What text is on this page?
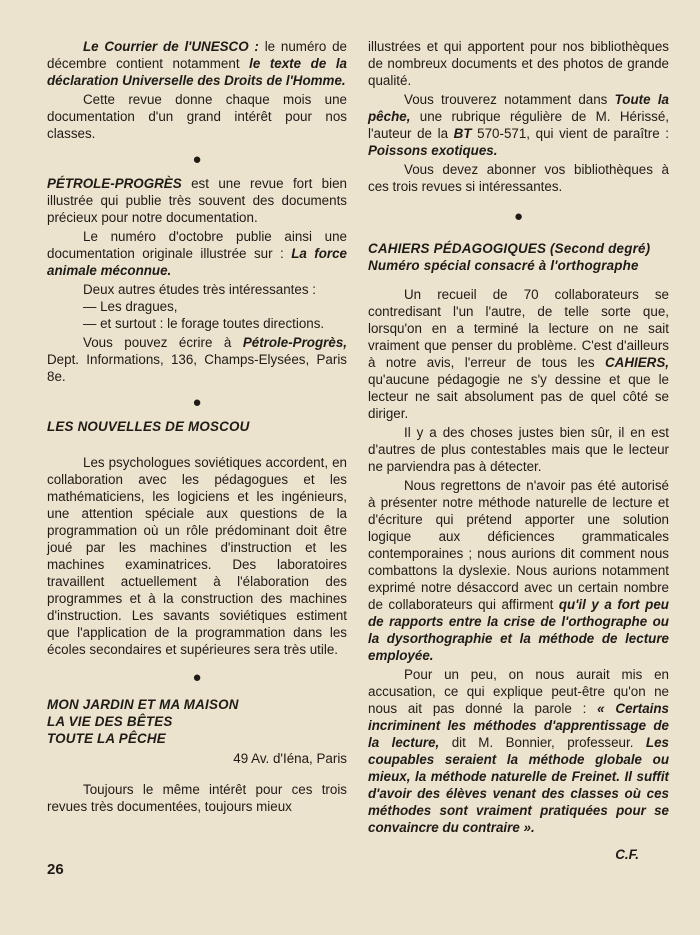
Le Courrier de l'UNESCO : le numéro de décembre contient notamment le texte de la déclaration Universelle des Droits de l'Homme.

Cette revue donne chaque mois une documentation d'un grand intérêt pour nos classes.

●

PÉTROLE-PROGRÈS est une revue fort bien illustrée qui publie très souvent des documents précieux pour notre documentation.

Le numéro d'octobre publie ainsi une documentation originale illustrée sur : La force animale méconnue.

Deux autres études très intéressantes :

— Les dragues,

— et surtout : le forage toutes directions.

Vous pouvez écrire à Pétrole-Progrès, Dept. Informations, 136, Champs-Elysées, Paris 8e.

●

LES NOUVELLES DE MOSCOU

Les psychologues soviétiques accordent, en collaboration avec les pédagogues et les mathématiciens, les logiciens et les ingénieurs, une attention spéciale aux questions de la programmation où un rôle prédominant doit être joué par les machines d'instruction et les machines examinatrices. Des laboratoires travaillent actuellement à l'élaboration des programmes et à la construction des machines d'instruction. Les savants soviétiques estiment que l'application de la programmation dans les écoles secondaires et supérieures sera très utile.

●

MON JARDIN ET MA MAISON

LA VIE DES BÊTES

TOUTE LA PÊCHE

49 Av. d'Iéna, Paris

Toujours le même intérêt pour ces trois revues très documentées, toujours mieux

illustrées et qui apportent pour nos bibliothèques de nombreux documents et des photos de grande qualité.

Vous trouverez notamment dans Toute la pêche, une rubrique régulière de M. Hérissé, l'auteur de la BT 570-571, qui vient de paraître : Poissons exotiques.

Vous devez abonner vos bibliothèques à ces trois revues si intéressantes.

●

CAHIERS PÉDAGOGIQUES (Second degré)

Numéro spécial consacré à l'orthographe

Un recueil de 70 collaborateurs se contredisant l'un l'autre, de telle sorte que, lorsqu'on en a terminé la lecture on ne sait vraiment que penser du problème. C'est d'ailleurs à notre avis, l'erreur de tous les CAHIERS, qu'aucune pédagogie ne s'y dessine et que le lecteur ne sait absolument pas de quel côté se diriger.

Il y a des choses justes bien sûr, il en est d'autres de plus contestables mais que le lecteur ne parviendra pas à détecter.

Nous regrettons de n'avoir pas été autorisé à présenter notre méthode naturelle de lecture et d'écriture qui prétend apporter une solution logique aux déficiences grammaticales contemporaines ; nous aurions dit comment nous combattons la dyslexie. Nous aurions notamment exprimé notre désaccord avec un certain nombre de collaborateurs qui affirment qu'il y a fort peu de rapports entre la crise de l'orthographe ou la dysorthographie et la méthode de lecture employée.

Pour un peu, on nous aurait mis en accusation, ce qui explique peut-être qu'on ne nous ait pas donné la parole : « Certains incriminent les méthodes d'apprentissage de la lecture, dit M. Bonnier, professeur. Les coupables seraient la méthode globale ou mieux, la méthode naturelle de Freinet. Il suffit d'avoir des élèves venant des classes où ces méthodes sont vraiment pratiquées pour se convaincre du contraire ».

C.F.

26
